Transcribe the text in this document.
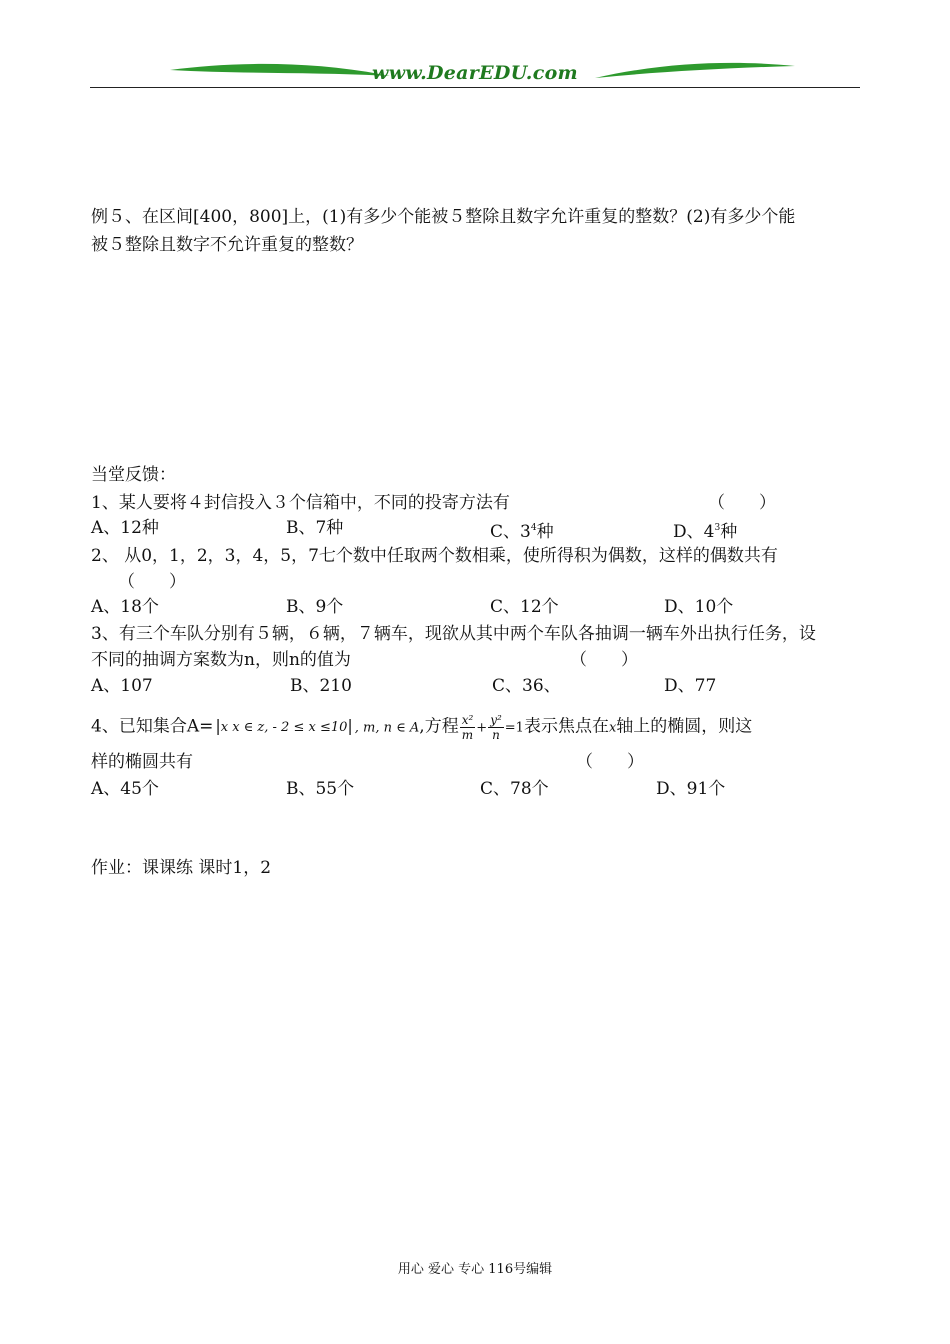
www.DearEDU.com
例５、在区间[400，800]上，(1)有多少个能被５整除且数字允许重复的整数？(2)有多少个能
被５整除且数字不允许重复的整数？
当堂反馈：
1、某人要将４封信投入３个信箱中，不同的投寄方法有	（　　）
A、12种	B、7种	C、$3^4$种	D、$4^3$种
2、 从0，1，2，3，4，5，7七个数中任取两个数相乘，使所得积为偶数，这样的偶数共有
（　　）
A、18个	B、9个	C、12个	D、10个
3、有三个车队分别有５辆，６辆，７辆车，现欲从其中两个车队各抽调一辆车外出执行任务，设
不同的抽调方案数为n，则n的值为	（　　）
A、107	B、210	C、36、	D、77
4、已知集合A= |x x ∈ z, - 2 ≤ x ≤10| , m, n ∈ A,方程 $\frac{\text{x²}}{m} + \frac{\text{y²}}{n} =1$表示焦点在x轴上的椭圆，则这
样的椭圆共有	（　　）
A、45个	B、55个	C、78个	D、91个
作业：课课练 课时1，2
用心 爱心 专心 116号编辑
